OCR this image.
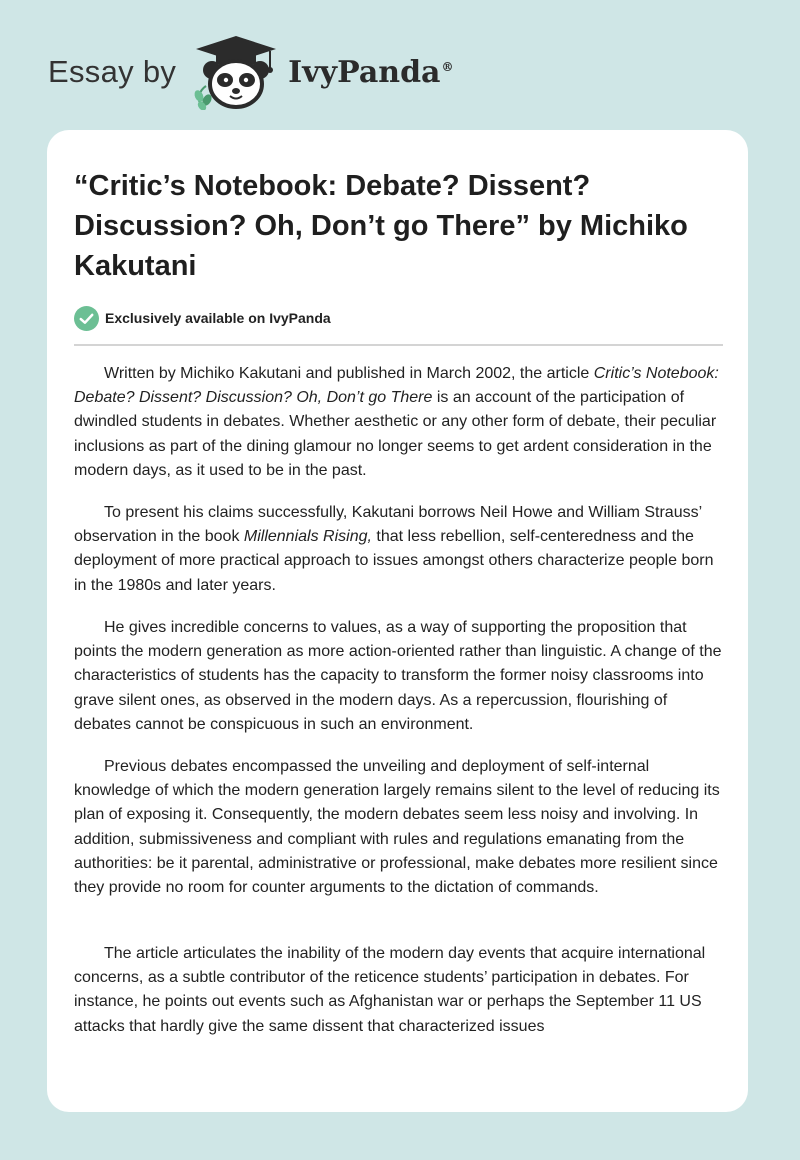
Essay by	IvyPanda®
“Critic’s Notebook: Debate? Dissent? Discussion? Oh, Don’t go There” by Michiko Kakutani
Exclusively available on IvyPanda

Written by Michiko Kakutani and published in March 2002, the article Critic’s Notebook: Debate? Dissent? Discussion? Oh, Don’t go There is an account of the participation of dwindled students in debates. Whether aesthetic or any other form of debate, their peculiar inclusions as part of the dining glamour no longer seems to get ardent consideration in the modern days, as it used to be in the past.

To present his claims successfully, Kakutani borrows Neil Howe and William Strauss’ observation in the book Millennials Rising, that less rebellion, self-centeredness and the deployment of more practical approach to issues amongst others characterize people born in the 1980s and later years.

He gives incredible concerns to values, as a way of supporting the proposition that points the modern generation as more action-oriented rather than linguistic. A change of the characteristics of students has the capacity to transform the former noisy classrooms into grave silent ones, as observed in the modern days. As a repercussion, flourishing of debates cannot be conspicuous in such an environment.

Previous debates encompassed the unveiling and deployment of self-internal knowledge of which the modern generation largely remains silent to the level of reducing its plan of exposing it. Consequently, the modern debates seem less noisy and involving. In addition, submissiveness and compliant with rules and regulations emanating from the authorities: be it parental, administrative or professional, make debates more resilient since they provide no room for counter arguments to the dictation of commands.

The article articulates the inability of the modern day events that acquire international concerns, as a subtle contributor of the reticence students’ participation in debates. For instance, he points out events such as Afghanistan war or perhaps the September 11 US attacks that hardly give the same dissent that characterized issues
